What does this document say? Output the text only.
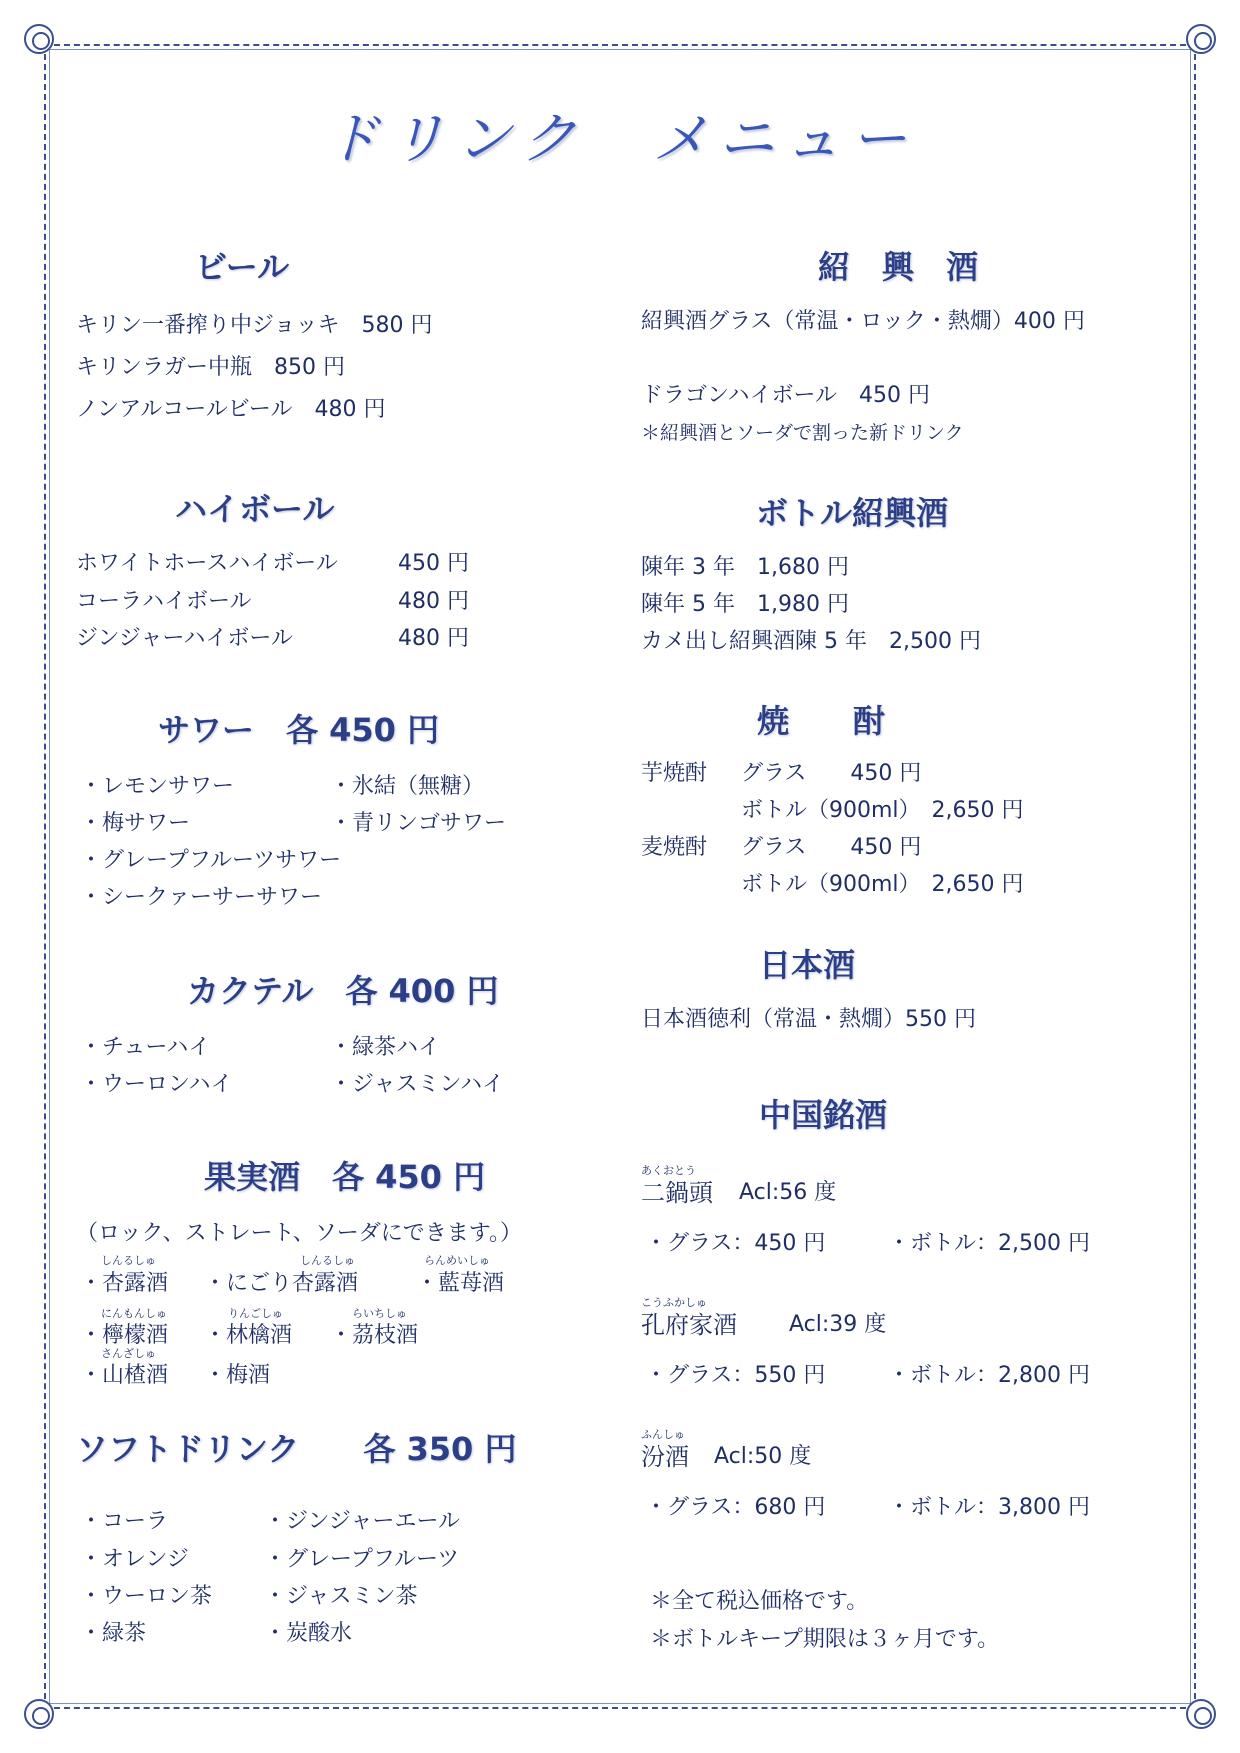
ドリンク　メニュー
ビール
キリン一番搾り中ジョッキ　580 円
キリンラガー中瓶　850 円
ノンアルコールビール　480 円
ハイボール
ホワイトホースハイボール	450 円
コーラハイボール	480 円
ジンジャーハイボール	480 円
サワー　各 450 円
・レモンサワー	・氷結（無糖）
・梅サワー	・青リンゴサワー
・グレープフルーツサワー
・シークァーサーサワー
カクテル　各 400 円
・チューハイ	・緑茶ハイ
・ウーロンハイ	・ジャスミンハイ
果実酒　各 450 円
（ロック、ストレート、ソーダにできます。）
しんるしゅ	しんるしゅ	らんめいしゅ
・杏露酒 ・にごり杏露酒	・藍苺酒
にんもんしゅ	りんごしゅ	らいちしゅ
・檸檬酒 ・林檎酒 ・茘枝酒
さんざしゅ
・山楂酒 ・梅酒
ソフトドリンク　　各 350 円
・コーラ	・ジンジャーエール
・オレンジ	・グレープフルーツ
・ウーロン茶 ・ジャスミン茶
・緑茶	・炭酸水
紹　興　酒
紹興酒グラス（常温・ロック・熱燗）400 円
ドラゴンハイボール　450 円
＊紹興酒とソーダで割った新ドリンク
ボトル紹興酒
陳年 3 年　1,680 円
陳年 5 年　1,980 円
カメ出し紹興酒陳 5 年　2,500 円
焼　　酎
芋焼酎 グラス　　450 円
ボトル（900ml）　2,650 円
麦焼酎 グラス　　450 円
ボトル（900ml）　2,650 円
日本酒
日本酒徳利（常温・熱燗）550 円
中国銘酒
あくおとう
二鍋頭 Acl:56 度
・グラス：450 円	・ボトル：2,500 円
こうふかしゅ
孔府家酒 Acl:39 度
・グラス：550 円	・ボトル：2,800 円
ふんしゅ
汾酒 Acl:50 度
・グラス：680 円	・ボトル：3,800 円
＊全て税込価格です。
＊ボトルキープ期限は３ヶ月です。
